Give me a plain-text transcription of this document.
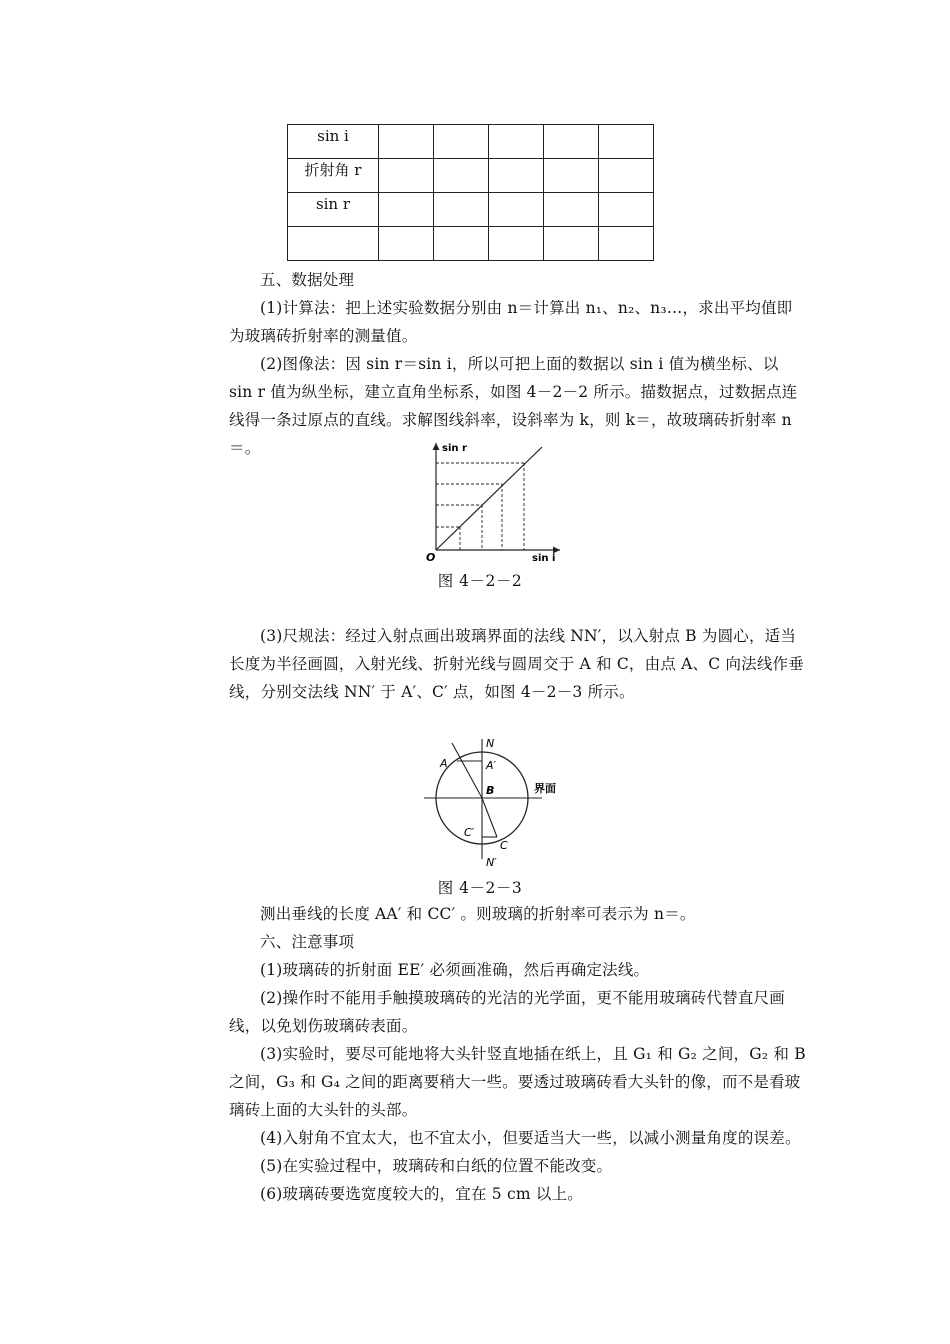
sin i					
折射角 r					
sin r					

五、数据处理

(1)计算法：把上述实验数据分别由 n＝计算出 n₁、n₂、n₃…，求出平均值即为玻璃砖折射率的测量值。

(2)图像法：因 sin r＝sin i，所以可把上面的数据以 sin i 值为横坐标、以 sin r 值为纵坐标，建立直角坐标系，如图 4－2－2 所示。描数据点，过数据点连线得一条过原点的直线。求解图线斜率，设斜率为 k，则 k＝，故玻璃砖折射率 n＝。	sin r
sin i
O
图 4－2－2

(3)尺规法：经过入射点画出玻璃界面的法线 NN′，以入射点 B 为圆心，适当长度为半径画圆，入射光线、折射光线与圆周交于 A 和 C，由点 A、C 向法线作垂线，分别交法线 NN′ 于 A′、C′ 点，如图 4－2－3 所示。

N
A	A′
B	界面
C′
C
N′
图 4－2－3

测出垂线的长度 AA′ 和 CC′ 。则玻璃的折射率可表示为 n＝。

六、注意事项

(1)玻璃砖的折射面 EE′ 必须画准确，然后再确定法线。

(2)操作时不能用手触摸玻璃砖的光洁的光学面，更不能用玻璃砖代替直尺画线，以免划伤玻璃砖表面。

(3)实验时，要尽可能地将大头针竖直地插在纸上，且 G₁ 和 G₂ 之间，G₂ 和 B 之间，G₃ 和 G₄ 之间的距离要稍大一些。要透过玻璃砖看大头针的像，而不是看玻璃砖上面的大头针的头部。

(4)入射角不宜太大，也不宜太小，但要适当大一些，以减小测量角度的误差。

(5)在实验过程中，玻璃砖和白纸的位置不能改变。

(6)玻璃砖要选宽度较大的，宜在 5 cm 以上。
